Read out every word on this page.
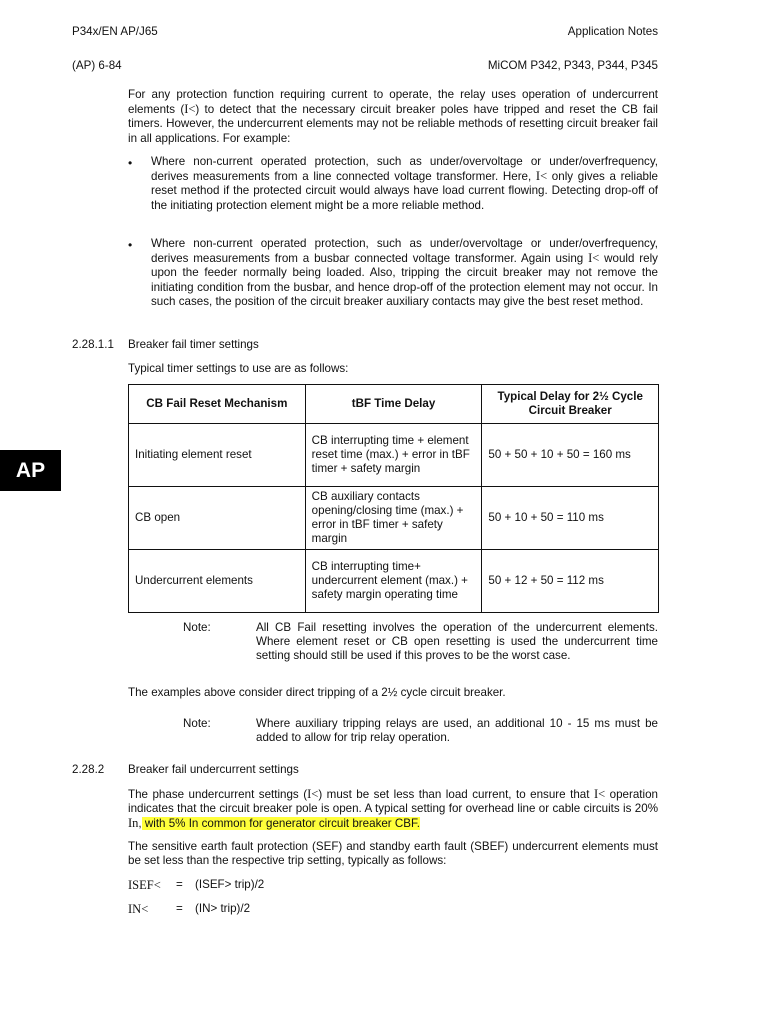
P34x/EN AP/J65	Application Notes
(AP) 6-84	MiCOM P342, P343, P344, P345
For any protection function requiring current to operate, the relay uses operation of undercurrent elements (I<) to detect that the necessary circuit breaker poles have tripped and reset the CB fail timers. However, the undercurrent elements may not be reliable methods of resetting circuit breaker fail in all applications. For example:
• Where non-current operated protection, such as under/overvoltage or under/overfrequency, derives measurements from a line connected voltage transformer. Here, I< only gives a reliable reset method if the protected circuit would always have load current flowing. Detecting drop-off of the initiating protection element might be a more reliable method.
• Where non-current operated protection, such as under/overvoltage or under/overfrequency, derives measurements from a busbar connected voltage transformer. Again using I< would rely upon the feeder normally being loaded. Also, tripping the circuit breaker may not remove the initiating condition from the busbar, and hence drop-off of the protection element may not occur. In such cases, the position of the circuit breaker auxiliary contacts may give the best reset method.
2.28.1.1 Breaker fail timer settings
Typical timer settings to use are as follows:
AP
CB Fail Reset Mechanism	tBF Time Delay	Typical Delay for 2½ Cycle Circuit Breaker
Initiating element reset	CB interrupting time + element reset time (max.) + error in tBF timer + safety margin	50 + 50 + 10 + 50 = 160 ms
CB open	CB auxiliary contacts opening/closing time (max.) + error in tBF timer + safety margin	50 + 10 + 50 = 110 ms
Undercurrent elements	CB interrupting time+ undercurrent element (max.) + safety margin operating time	50 + 12 + 50 = 112 ms
Note:	All CB Fail resetting involves the operation of the undercurrent elements. Where element reset or CB open resetting is used the undercurrent time setting should still be used if this proves to be the worst case.
The examples above consider direct tripping of a 2½ cycle circuit breaker.
Note:	Where auxiliary tripping relays are used, an additional 10 - 15 ms must be added to allow for trip relay operation.
2.28.2 Breaker fail undercurrent settings
The phase undercurrent settings (I<) must be set less than load current, to ensure that I< operation indicates that the circuit breaker pole is open. A typical setting for overhead line or cable circuits is 20% In, with 5% In common for generator circuit breaker CBF.
The sensitive earth fault protection (SEF) and standby earth fault (SBEF) undercurrent elements must be set less than the respective trip setting, typically as follows:
ISEF< = (ISEF> trip)/2
IN< = (IN> trip)/2
